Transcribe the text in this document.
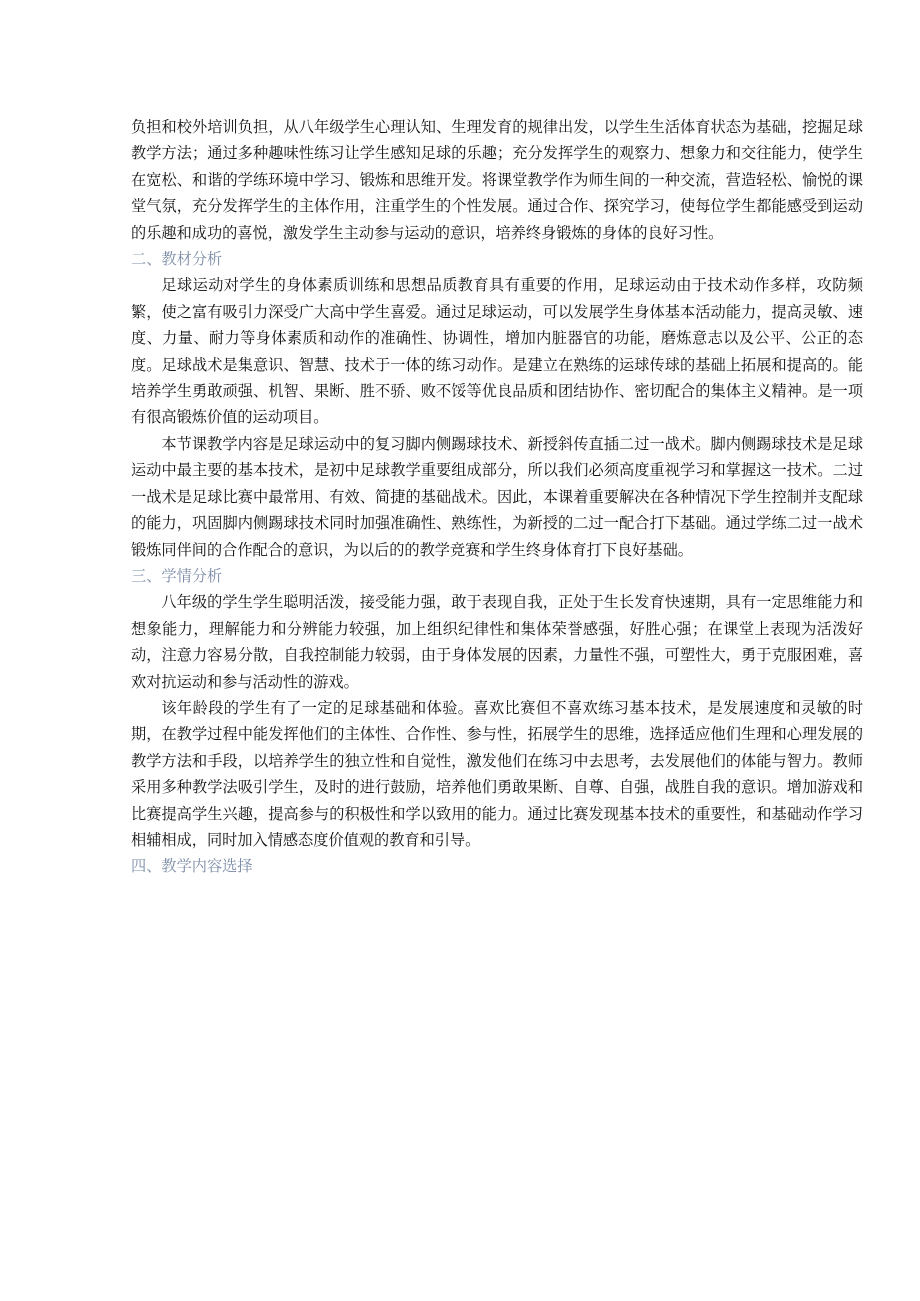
负担和校外培训负担，从八年级学生心理认知、生理发育的规律出发，以学生生活体育状态为基础，挖掘足球教学方法；通过多种趣味性练习让学生感知足球的乐趣；充分发挥学生的观察力、想象力和交往能力，使学生在宽松、和谐的学练环境中学习、锻炼和思维开发。将课堂教学作为师生间的一种交流，营造轻松、愉悦的课堂气氛，充分发挥学生的主体作用，注重学生的个性发展。通过合作、探究学习，使每位学生都能感受到运动的乐趣和成功的喜悦，激发学生主动参与运动的意识，培养终身锻炼的身体的良好习性。

二、教材分析

足球运动对学生的身体素质训练和思想品质教育具有重要的作用，足球运动由于技术动作多样，攻防频繁，使之富有吸引力深受广大高中学生喜爱。通过足球运动，可以发展学生身体基本活动能力，提高灵敏、速度、力量、耐力等身体素质和动作的准确性、协调性，增加内脏器官的功能，磨炼意志以及公平、公正的态度。足球战术是集意识、智慧、技术于一体的练习动作。是建立在熟练的运球传球的基础上拓展和提高的。能培养学生勇敢顽强、机智、果断、胜不骄、败不馁等优良品质和团结协作、密切配合的集体主义精神。是一项有很高锻炼价值的运动项目。

本节课教学内容是足球运动中的复习脚内侧踢球技术、新授斜传直插二过一战术。脚内侧踢球技术是足球运动中最主要的基本技术，是初中足球教学重要组成部分，所以我们必须高度重视学习和掌握这一技术。二过一战术是足球比赛中最常用、有效、简捷的基础战术。因此，本课着重要解决在各种情况下学生控制并支配球的能力，巩固脚内侧踢球技术同时加强准确性、熟练性，为新授的二过一配合打下基础。通过学练二过一战术锻炼同伴间的合作配合的意识，为以后的的教学竞赛和学生终身体育打下良好基础。

三、学情分析

八年级的学生学生聪明活泼，接受能力强，敢于表现自我，正处于生长发育快速期，具有一定思维能力和想象能力，理解能力和分辨能力较强，加上组织纪律性和集体荣誉感强，好胜心强；在课堂上表现为活泼好动，注意力容易分散，自我控制能力较弱，由于身体发展的因素，力量性不强，可塑性大，勇于克服困难，喜欢对抗运动和参与活动性的游戏。

该年龄段的学生有了一定的足球基础和体验。喜欢比赛但不喜欢练习基本技术，是发展速度和灵敏的时期，在教学过程中能发挥他们的主体性、合作性、参与性，拓展学生的思维，选择适应他们生理和心理发展的教学方法和手段，以培养学生的独立性和自觉性，激发他们在练习中去思考，去发展他们的体能与智力。教师采用多种教学法吸引学生，及时的进行鼓励，培养他们勇敢果断、自尊、自强，战胜自我的意识。增加游戏和比赛提高学生兴趣，提高参与的积极性和学以致用的能力。通过比赛发现基本技术的重要性，和基础动作学习相辅相成，同时加入情感态度价值观的教育和引导。

四、教学内容选择
